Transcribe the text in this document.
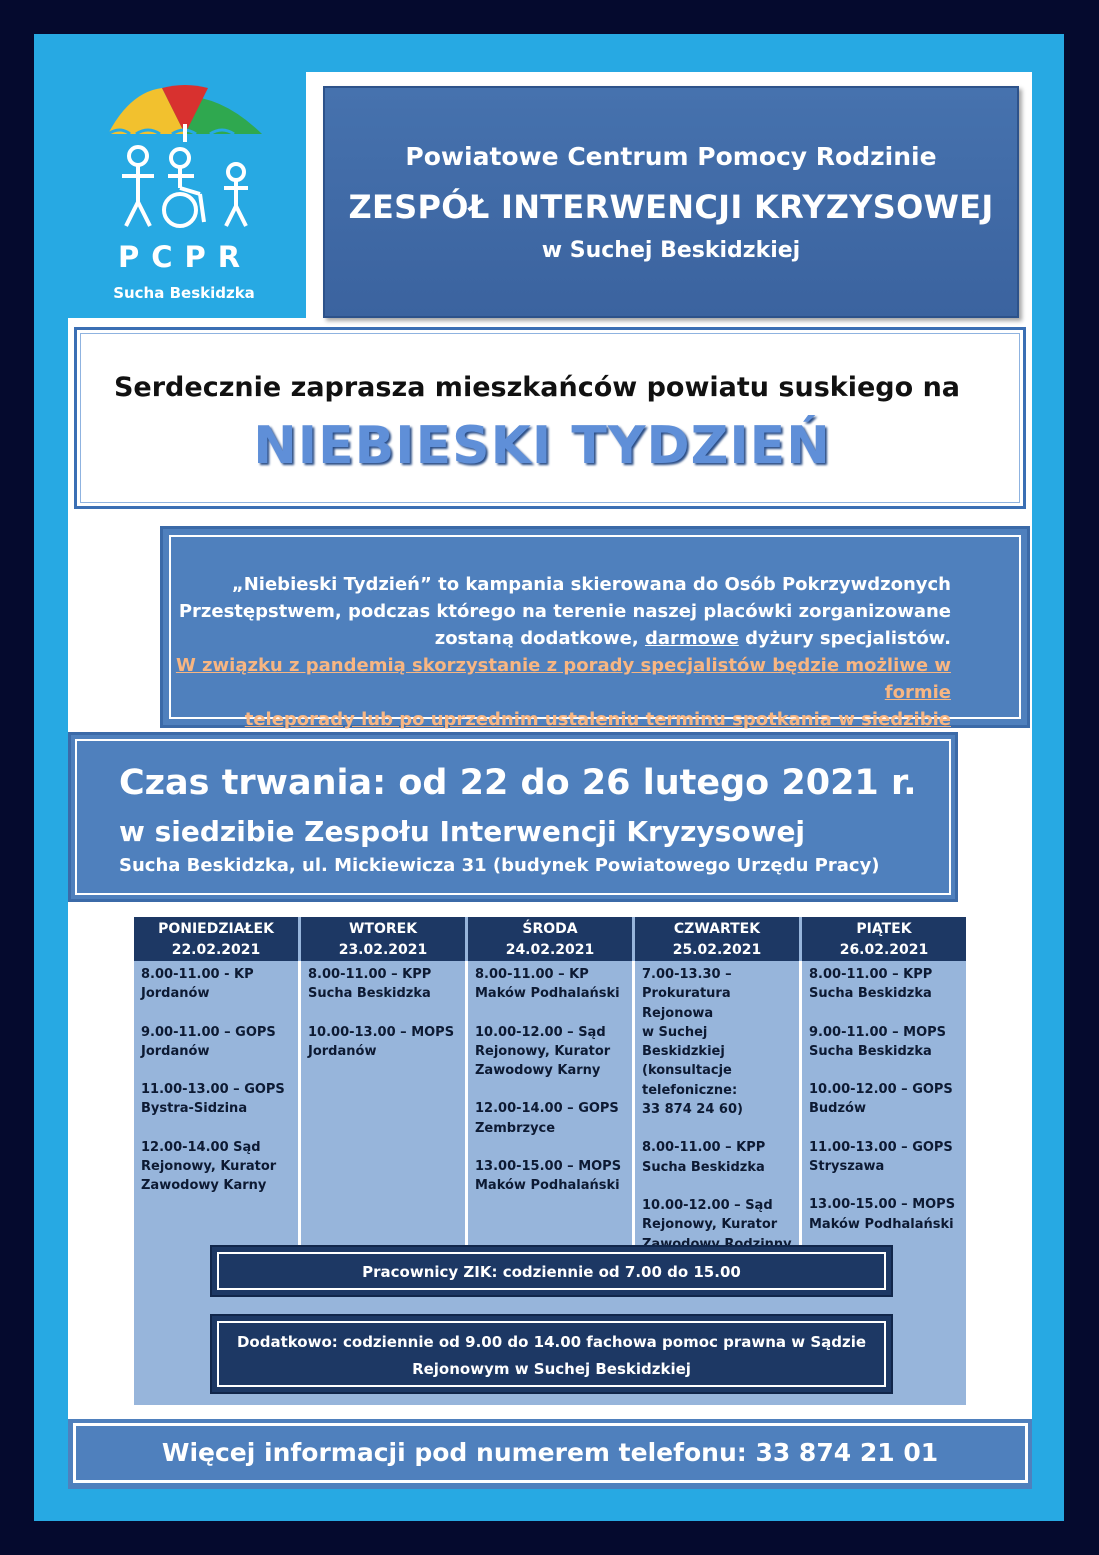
PCPR
Sucha Beskidzka
Powiatowe Centrum Pomocy Rodzinie
ZESPÓŁ INTERWENCJI KRYZYSOWEJ
w Suchej Beskidzkiej
Serdecznie zaprasza mieszkańców powiatu suskiego na
NIEBIESKI TYDZIEŃ
„Niebieski Tydzień” to kampania skierowana do Osób Pokrzywdzonych
Przestępstwem, podczas którego na terenie naszej placówki zorganizowane
zostaną dodatkowe, darmowe dyżury specjalistów.
W związku z pandemią skorzystanie z porady specjalistów będzie możliwe w formie
teleporady lub po uprzednim ustaleniu terminu spotkania w siedzibie
Czas trwania: od 22 do 26 lutego 2021 r.
w siedzibie Zespołu Interwencji Kryzysowej
Sucha Beskidzka, ul. Mickiewicza 31 (budynek Powiatowego Urzędu Pracy)
PONIEDZIAŁEK
22.02.2021
8.00-11.00 - KP
Jordanów
9.00-11.00 – GOPS
Jordanów
11.00-13.00 – GOPS
Bystra-Sidzina
12.00-14.00 Sąd
Rejonowy, Kurator
Zawodowy Karny
WTOREK
23.02.2021
8.00-11.00 – KPP
Sucha Beskidzka
10.00-13.00 – MOPS
Jordanów
ŚRODA
24.02.2021
8.00-11.00 – KP
Maków Podhalański
10.00-12.00 – Sąd
Rejonowy, Kurator
Zawodowy Karny
12.00-14.00 – GOPS
Zembrzyce
13.00-15.00 – MOPS
Maków Podhalański
CZWARTEK
25.02.2021
7.00-13.30 –
Prokuratura Rejonowa
w Suchej Beskidzkiej
(konsultacje
telefoniczne:
33 874 24 60)
8.00-11.00 – KPP
Sucha Beskidzka
10.00-12.00 – Sąd
Rejonowy, Kurator

PIĄTEK
26.02.2021
8.00-11.00 – KPP
Sucha Beskidzka
9.00-11.00 – MOPS
Sucha Beskidzka
10.00-12.00 – GOPS
Budzów
11.00-13.00 – GOPS
Stryszawa
13.00-15.00 – MOPS
Maków Podhalański
Pracownicy ZIK: codziennie od 7.00 do 15.00
Dodatkowo: codziennie od 9.00 do 14.00 fachowa pomoc prawna w Sądzie
Rejonowym w Suchej Beskidzkiej
Więcej informacji pod numerem telefonu: 33 874 21 01
